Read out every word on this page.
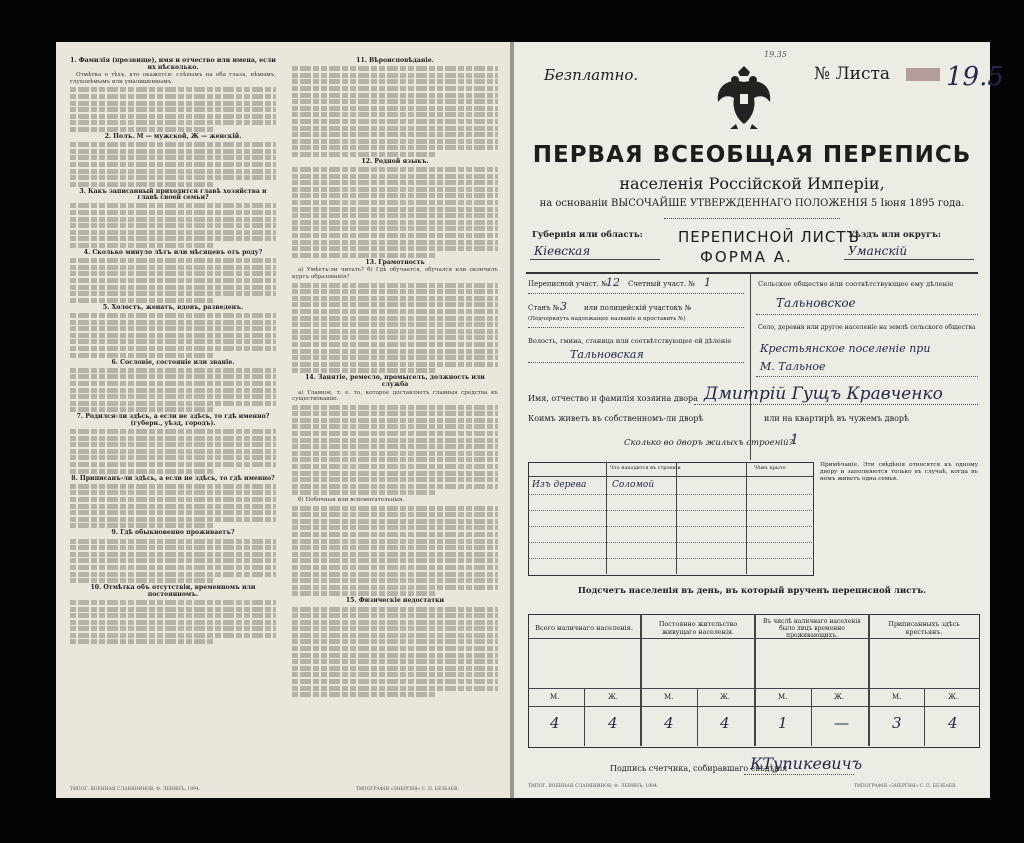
1. Фамилія (прозвище), имя и отчество или имена, если иx нѣсколько.

Отмѣтка о тѣхъ, кто окажется: слѣпымъ на оба глаза, нѣмымъ, глухонѣмымъ или умалишеннымъ.

2. Полъ. М — мужской, Ж — женскій.
3. Какъ записанный приходится главѣ хозяйства и главѣ своей семьи?
4. Сколько минуло лѣтъ или мѣсяцевъ отъ роду?
5. Холостъ, женатъ, вдовъ, разведенъ.
6. Сословіе, состояніе или званіе.
7. Родился-ли здѣсь, а если не здѣсь, то гдѣ именно? (губерн., уѣзд, городъ).
8. Приписанъ-ли здѣсь, а если не здѣсь, то гдѣ именно?
9. Гдѣ обыкновенно проживаетъ?
10. Отмѣтка объ отсутствіи, временномъ или постоянномъ.
11. Вѣроисповѣданіе.
12. Родной языкъ.
13. Грамотность

а) Умѣетъ-ли читать? б) Гдѣ обучается, обучался или окончилъ курсъ образованія?

14. Занятіе, ремесло, промыселъ, должность или служба

а) Главное, т. е. то, которое доставляетъ главныя средства къ существованію.

б) Побочныя или вспомогательныя.

15. Физическіе недостатки
ТИПОГ. ВОЕННАЯ СЛАВЯНИНОВ, Ф. ЛЕВИНЪ, 1894.	ТИПОГРАФІЯ «ЭНЕРГИЯ» С. П. БЕЗБАЕВ.
Безплатно.	№ Листа 19.5
19.35
ПЕРВАЯ ВСЕОБЩАЯ ПЕРЕПИСЬ
населенія Россійской Имперіи,
на основаніи ВЫСОЧАЙШЕ УТВЕРЖДЕННАГО ПОЛОЖЕНІЯ 5 Іюня 1895 года.
Губернія или область:
Кіевская
ПЕРЕПИСНОЙ ЛИСТЪ
ФОРМА А.
Уѣздъ или округъ:
Уманскій
Переписной участ. №
12 Счетный участ. № 1
Станъ № 3 или полицейскій участокъ №
(Подчеркнуть надлежащее названіе и проставить №)
Волость, гмина, станица или соотвѣтствующее ей дѣленіе
Тальновская
Сельское общество или соотвѣтствующее ему дѣленіе
Тальновское
Село, деревня или другое населеніе на землѣ сельского общества
Крестьянское поселеніе при
М. Тальное
Имя, отчество и фамилія хозяина двора Дмитрій Гущъ Кравченко
Коимъ живетъ въ собственномъ-ли дворѣ	или на квартирѣ въ чужемъ дворѣ
Сколько во дворъ жилыхъ строеній?
1
Что находится въ строеніи	Чѣмъ крыто
Изъ дерева	Соломой
Примѣчаніе. Эти свѣдѣнія относятся къ одному двору и заполняются только въ случаѣ, когда въ немъ живетъ одна семья.
Подсчетъ населенія въ день, въ который врученъ переписной листъ.
Всего наличнаго населенія.	Постоянно жительство живущаго населенія.
Въ числѣ наличнаго населенія было лицъ временно проживающихъ.
Приписанныхъ здѣсь крестьянъ.
М.	Ж.	М.	Ж.	М.	Ж.	М.	Ж.
4	4	4	4	1	—	3	4
Подпись счетчика, собиравшаго свѣдѣнія
КТупикевичъ
ТИПОГ. ВОЕННАЯ СЛАВЯНИНОВ, Ф. ЛЕВИНЪ, 1894.	ТИПОГРАФІЯ «ЭНЕРГИЯ» С. П. БЕЗБАЕВ.
